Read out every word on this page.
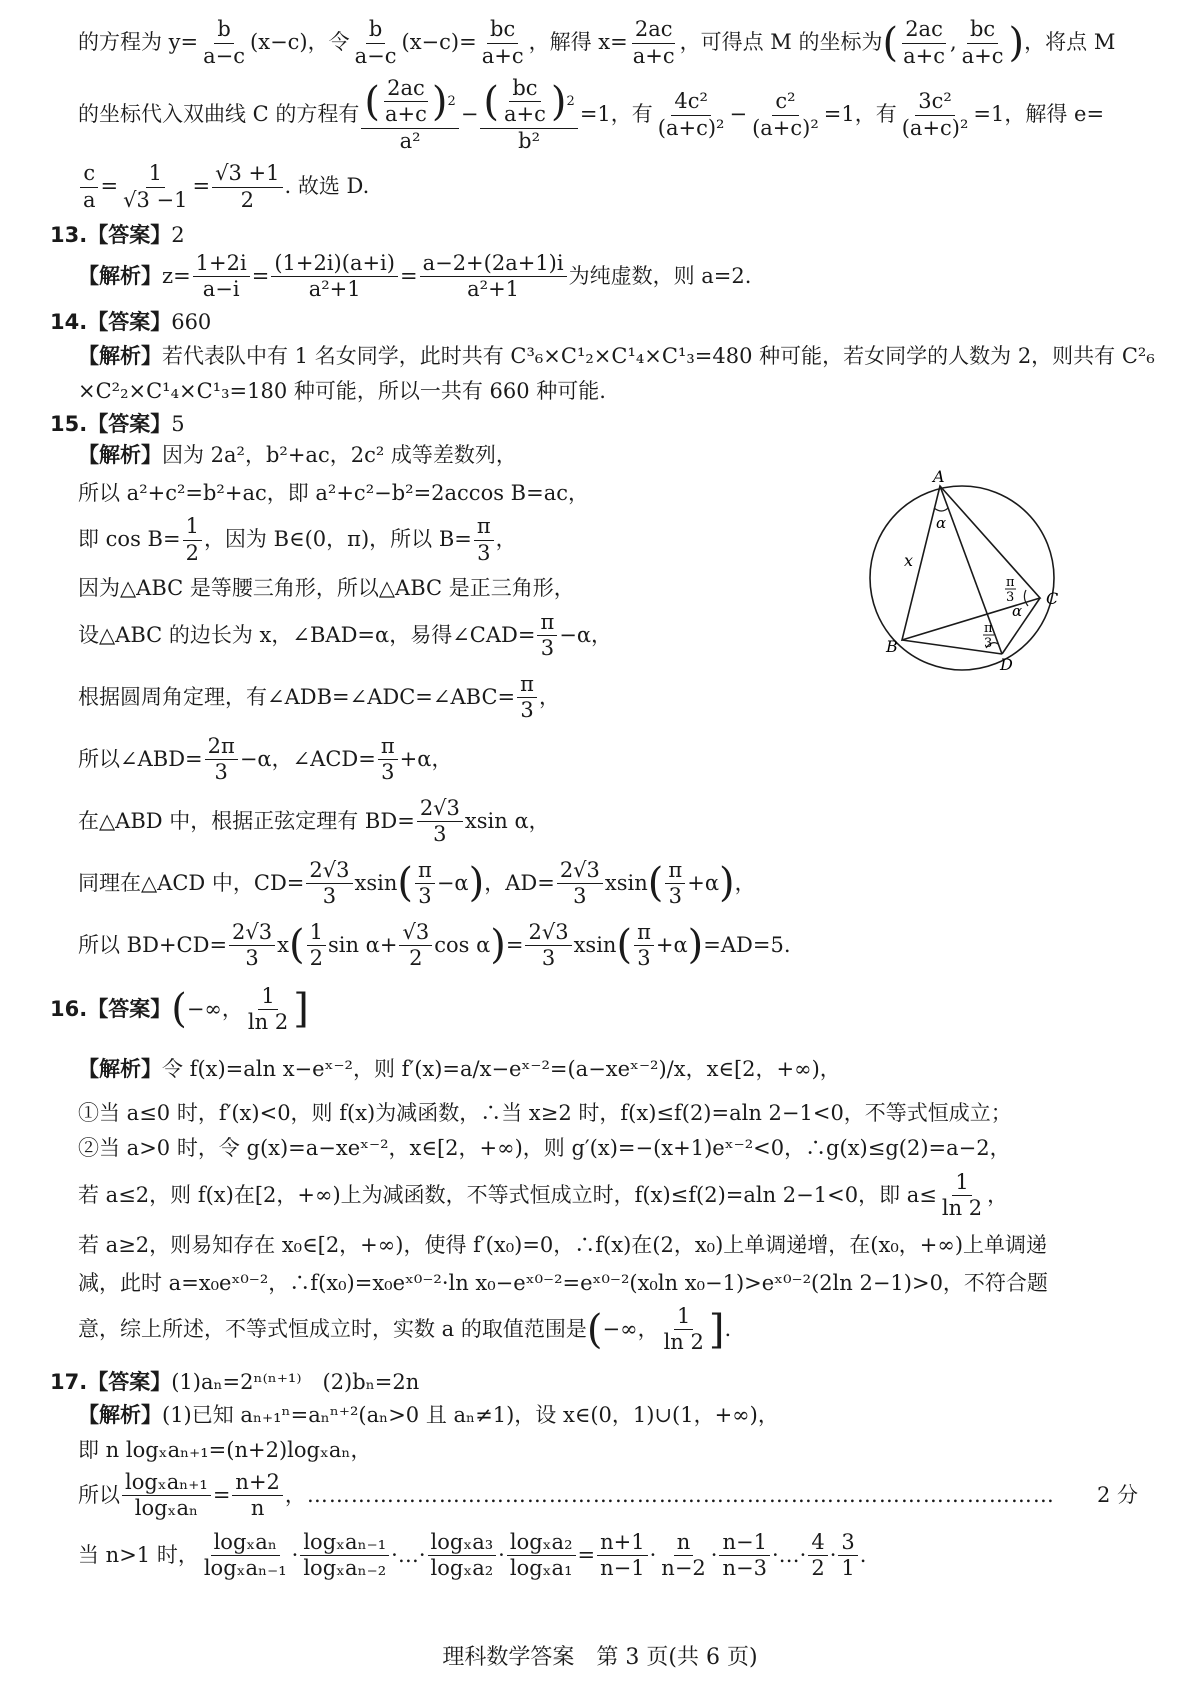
的方程为 $y= \frac{b}{a-c} (x-c)$，令 $\frac{b}{a-c} (x-c)= \frac{bc}{a+c}$ ，解得 $x= \frac{2ac}{a+c}$ ，可得点 M 的坐标为 ( $\frac{2ac}{a+c}$ , $\frac{bc}{a+c}$ ) ，将点 M
的坐标代入双曲线 C 的方程有 $\frac{( \frac{2ac}{a+c} ) 2}{\text{a²}} - \frac{( \frac{bc}{a+c} ) 2}{\text{b²}} =1$，有 $\frac{\text{4c²}}{\text{(a+c)²}} - \frac{\text{c²}}{\text{(a+c)²}} =1$，有 $\frac{\text{3c²}}{\text{(a+c)²}} =1$，解得 e=
$\frac{c}{a} = \frac{1}{√3 -1} = \frac{√3 +1}{2}$ . 故选 D.
13.【答案】2
【解析】 $z= \frac{1+2i}{a-i} = \frac{(1+2i)(a+i)}{\text{a²+1}} = \frac{a-2+(2a+1)i}{\text{a²+1}}$ 为纯虚数，则 a=2.
14.【答案】660
【解析】若代表队中有 1 名女同学，此时共有 C³₆×C¹₂×C¹₄×C¹₃=480 种可能，若女同学的人数为 2，则共有 C²₆
×C²₂×C¹₄×C¹₃=180 种可能，所以一共有 660 种可能.
15.【答案】5
【解析】因为 2a²，b²+ac，2c² 成等差数列，
所以 a²+c²=b²+ac，即 a²+c²−b²=2accos B=ac，
即 $\cos B= \frac{1}{2}$ ，因为 B∈(0，π)，所以 $B= \frac{\pi}{3}$ ，
因为△ABC 是等腰三角形，所以△ABC 是正三角形，
设△ABC 的边长为 x，∠BAD=α，易得∠CAD= $\frac{\pi}{3} -\alpha$，
根据圆周角定理，有∠ADB=∠ADC=∠ABC= $\frac{\pi}{3}$ ，
所以∠ABD= $\frac{2\pi}{3} -\alpha$，∠ACD= $\frac{\pi}{3} +\alpha$，
在△ABD 中，根据正弦定理有 $BD= \frac{2√3}{3}$ xsin α，
同理在△ACD 中，$CD= \frac{2√3}{3}$ xsin ( $\frac{\pi}{3} -\alpha$ ) ，$AD= \frac{2√3}{3}$ xsin ( $\frac{\pi}{3} +\alpha$ ) ，
所以 $BD+CD= \frac{2√3}{3}$ x ( $\frac{1}{2}$ $\sin \alpha+ \frac{√3}{2}$ cos α ) = $\frac{2√3}{3}$ xsin ( $\frac{\pi}{3} +\alpha$ ) =AD=5.
16. 【答案】 ( −∞， $\frac{1}{\ln 2}$ ]
【解析】令 f(x)=aln x−eˣ⁻²，则 f′(x)=a/x−eˣ⁻²=(a−xeˣ⁻²)/x，x∈[2，+∞)，
①当 a≤0 时，f′(x)<0，则 f(x)为减函数，∴当 x≥2 时，f(x)≤f(2)=aln 2−1<0，不等式恒成立；
②当 a>0 时，令 g(x)=a−xeˣ⁻²，x∈[2，+∞)，则 g′(x)=−(x+1)eˣ⁻²<0，∴g(x)≤g(2)=a−2，
若 a≤2，则 f(x)在[2，+∞)上为减函数，不等式恒成立时，f(x)≤f(2)=aln 2−1<0，即 $a\le \frac{1}{\ln 2}$ ，
若 a≥2，则易知存在 x₀∈[2，+∞)，使得 f′(x₀)=0，∴f(x)在(2，x₀)上单调递增，在(x₀，+∞)上单调递
减，此时 a=x₀eˣ⁰⁻²，∴f(x₀)=x₀eˣ⁰⁻²·ln x₀−eˣ⁰⁻²=eˣ⁰⁻²(x₀ln x₀−1)>eˣ⁰⁻²(2ln 2−1)>0，不符合题
意，综上所述，不等式恒成立时，实数 a 的取值范围是 ( −∞， $\frac{1}{\ln 2}$ ] .
17.【答案】(1)aₙ=2ⁿ⁽ⁿ⁺¹⁾　(2)bₙ=2n
【解析】(1)已知 aₙ₊₁ⁿ=aₙⁿ⁺²(aₙ>0 且 aₙ≠1)，设 x∈(0，1)∪(1，+∞)，
即 n logₓaₙ₊₁=(n+2)logₓaₙ，
所以 $\frac{\text{logₓaₙ₊₁}}{\text{logₓaₙ}} = \frac{n+2}{n}$ ，…………………………………………………………………………………………	2 分
当 n>1 时， $\frac{\text{logₓaₙ}}{\text{logₓaₙ₋₁}} \cdot \frac{\text{logₓaₙ₋₁}}{\text{logₓaₙ₋₂}}$ ·…· $\frac{\text{logₓa₃}}{\text{logₓa₂}} \cdot \frac{\text{logₓa₂}}{\text{logₓa₁}} = \frac{n+1}{n-1} \cdot \frac{n}{n-2} \cdot \frac{n-1}{n-3}$ ·…· $\frac{4}{2} \cdot \frac{3}{1}$ .
A
B
C
D
x
α
α
π
3
π
3
理科数学答案　第 3 页(共 6 页)
